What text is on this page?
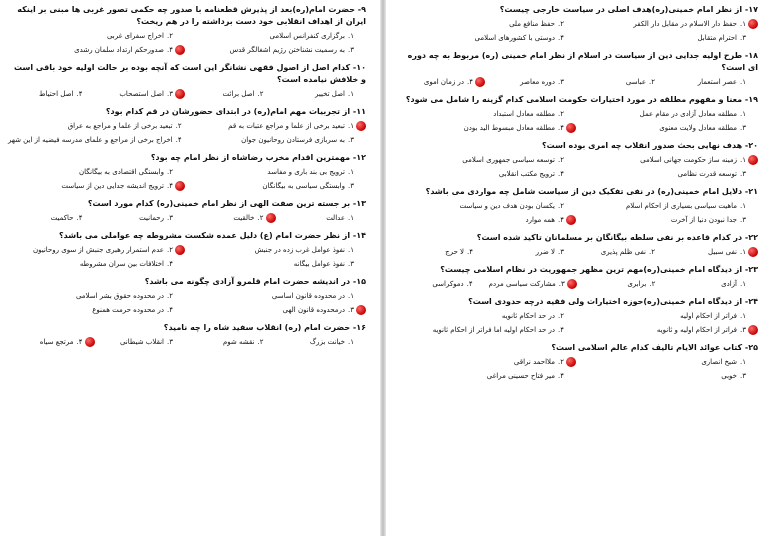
۹- حضرت امام(ره)بعد از پذیرش قطعنامه با صدور چه حکمی تصور غربی ها مبنی بر اینکه ایران از اهداف انقلابی خود دست برداشته را در هم ریخت؟
۱.
برگزاری کنفرانس اسلامی
۲.
اخراج سفرای غربی
۳.
به رسمیت نشناختن رژیم اشغالگر قدس
۴.
صدورحکم ارتداد سلمان رشدی
۱۰- کدام اصل از اصول فقهی نشانگر این است که آنچه بوده بر حالت اولیه خود باقی است و خلافش نیامده است؟
۱.
اصل تخییر
۲.
اصل برائت
۳.
اصل استصحاب
۴.
اصل احتیاط
۱۱- از تجربیات مهم امام(ره) در ابتدای حضورشان در قم کدام بود؟
۱.
تبعید برخی از علما و مراجع عتبات به قم
۲.
تبعید برخی از علما و مراجع به عراق
۳.
به سربازی فرستادن روحانیون جوان
۴.
اخراج برخی از مراجع و علمای مدرسه فیضیه از این شهر
۱۲- مهمترین اقدام مخرب رضاشاه از نظر امام چه بود؟
۱.
ترویج بی بند باری و مفاسد
۲.
وابستگی اقتصادی به بیگانگان
۳.
وابستگی سیاسی به بیگانگان
۴.
ترویج اندیشه جدایی دین از سیاست
۱۳- بر جسته ترین صفت الهی از نظر امام خمینی(ره) کدام مورد است؟
۱.
عدالت
۲.
خالقیت
۳.
رحمانیت
۴.
حاکمیت
۱۴- از نظر حضرت امام (ع) دلیل عمده شکست مشروطه چه عواملی می باشد؟
۱.
نفوذ عوامل غرب زده در جنبش
۲.
عدم استمرار رهبری جنبش از سوی روحانیون
۳.
نفوذ عوامل بیگانه
۴.
اختلافات بین سران مشروطه
۱۵- در اندیشه حضرت امام قلمرو آزادی چگونه می باشد؟
۱.
در محدوده قانون اساسی
۲.
در محدوده حقوق بشر اسلامی
۳.
درمحدوده قانون الهی
۴.
در محدوده حرمت همنوع
۱۶- حضرت امام (ره) انقلاب سفید شاه را چه نامید؟
۱.
خیانت بزرگ
۲.
نقشه شوم
۳.
انقلاب شیطانی
۴.
مرتجع سیاه
۱۷- از نظر امام خمینی(ره)هدف اصلی در سیاست خارجی چیست؟
۱.
حفظ دار الاسلام در مقابل دار الکفر
۲.
حفظ منافع ملی
۳.
احترام متقابل
۴.
دوستی با کشورهای اسلامی
۱۸- طرح اولیه جدایی دین از سیاست در اسلام از نظر امام خمینی (ره) مربوط به چه دوره ای است؟
۱.
عصر استعمار
۲.
عباسی
۳.
دوره معاصر
۴.
در زمان اموی
۱۹- معنا و مفهوم مطلقه در مورد اختیارات حکومت اسلامی کدام گزینه را شامل می شود؟
۱.
مطلقه معادل آزادی در مقام عمل
۲.
مطلقه معادل استبداد
۳.
مطلقه معادل ولایت معنوی
۴.
مطلقه معادل مبسوط الید بودن
۲۰- هدف نهایی بحث صدور انقلاب چه امری بوده است؟
۱.
زمینه ساز حکومت جهانی اسلامی
۲.
توسعه سیاسی جمهوری اسلامی
۳.
توسعه قدرت نظامی
۴.
ترویج مکتب انقلابی
۲۱- دلایل امام خمینی(ره) در نفی تفکیک دین از سیاست شامل چه مواردی می باشد؟
۱.
ماهیت سیاسی بسیاری از احکام اسلام
۲.
یکسان بودن هدف دین و سیاست
۳.
جدا نبودن دنیا از آخرت
۴.
همه موارد
۲۲- در کدام قاعده بر نفی سلطه بیگانگان بر مسلمانان تاکید شده است؟
۱.
نفی سبیل
۲.
نفی ظلم پذیری
۳.
لا ضرر
۴.
لا حرج
۲۳- از دیدگاه امام خمینی(ره)مهم ترین مظهر جمهوریت در نظام اسلامی چیست؟
۱.
آزادی
۲.
برابری
۳.
مشارکت سیاسی مردم
۴.
دموکراسی
۲۴- از دیدگاه امام خمینی(ره)حوزه اختیارات ولی فقیه درچه حدودی است؟
۱.
فراتر از احکام اولیه
۲.
در حد احکام ثانویه
۳.
فراتر از احکام اولیه و ثانویه
۴.
در حد احکام اولیه اما فراتر از احکام ثانویه
۲۵- کتاب عوائد الایام تالیف کدام عالم اسلامی است؟
۱.
شیخ انصاری
۲.
ملااحمد نراقی
۳.
خوبی
۴.
میر فتاح حسینی مراغی
